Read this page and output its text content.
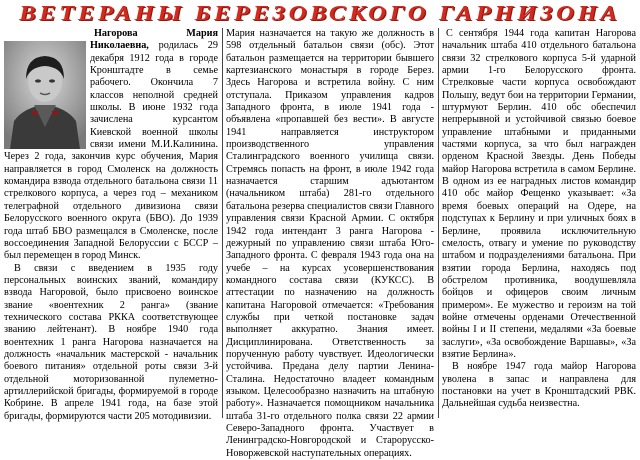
ВЕТЕРАНЫ БЕРЕЗОВСКОГО ГАРНИЗОНА

Нагорова Мария Николаевна, родилась 29 декабря 1912 года в городе Кронштадте в семье рабочего. Окончила 7 классов неполной средней школы. В июне 1932 года зачислена курсантом Киевской военной школы связи имени М.И.Калинина. Через 2 года, закончив курс обучения, Мария направляется в город Смоленск на должность командира взвода отдельного батальона связи 11 стрелкового корпуса, а через год – механиком телеграфной отдельного дивизиона связи Белорусского военного округа (БВО). До 1939 года штаб БВО размещался в Смоленске, после воссоединения Западной Белоруссии с БССР – был перемещен в город Минск.

В связи с введением в 1935 году персональных воинских званий, командиру взвода Нагоровой, было присвоено воинское звание «воентехник 2 ранга» (звание технического состава РККА соответствующее званию лейтенант). В ноябре 1940 года воентехник 1 ранга Нагорова назначается на должность «начальник мастерской - начальник боевого питания» отдельной роты связи 3-й отдельной моторизованной пулеметно-артиллерийской бригады, формируемой в городе Кобрине. В апреле 1941 года, на базе этой бригады, формируются части 205 мотодивизии.

Мария назначается на такую же должность в 598 отдельный батальон связи (обс). Этот батальон размещается на территории бывшего картезианского монастыря в городе Берез. Здесь Нагорова и встретила войну. С ним отступала. Приказом управления кадров Западного фронта, в июле 1941 года - объявлена «пропавшей без вести». В августе 1941 направляется инструктором производственного управления Сталинградского военного училища связи. Стремясь попасть на фронт, в июле 1942 года назначается старшим адъютантом (начальником штаба) 281-го отдельного батальона резерва специалистов связи Главного управления связи Красной Армии. С октября 1942 года интендант 3 ранга Нагорова - дежурный по управлению связи штаба Юго-Западного фронта. С февраля 1943 года она на учебе – на курсах усовершенствования командного состава связи (КУКСС). В аттестации по назначению на должность капитана Нагоровой отмечается: «Требования службы при четкой постановке задач выполняет аккуратно. Знания имеет. Дисциплинирована. Ответственность за порученную работу чувствует. Идеологически устойчива. Предана делу партии Ленина-Сталина. Недостаточно владеет командным языком. Целесообразно назначить на штабную работу». Назначается помощником начальника штаба 31-го отдельного полка связи 22 армии Северо-Западного фронта. Участвует в Ленинградско-Новгородской и Старорусско-Новоржевской наступательных операциях.

С сентября 1944 года капитан Нагорова начальник штаба 410 отдельного батальона связи 32 стрелкового корпуса 5-й ударной армии 1-го Белорусского фронта. Стрелковые части корпуса освобождают Польшу, ведут бои на территории Германии, штурмуют Берлин. 410 обс обеспечил непрерывной и устойчивой связью боевое управление штабными и приданными частями корпуса, за что был награжден орденом Красной Звезды. День Победы майор Нагорова встретила в самом Берлине. В одном из ее наградных листов командир 410 обс майор Фещенко указывает: «За время боевых операций на Одере, на подступах к Берлину и при уличных боях в Берлине, проявила исключительную смелость, отвагу и умение по руководству штабом и подразделениями батальона. При взятии города Берлина, находясь под обстрелом противника, воодушевляла бойцов и офицеров своим личным примером». Ее мужество и героизм на той войне отмечены орденами Отечественной войны I и II степени, медалями «За боевые заслуги», «За освобождение Варшавы», «За взятие Берлина».

В ноябре 1947 года майор Нагорова уволена в запас и направлена для постановки на учет в Кронштадский РВК. Дальнейшая судьба неизвестна.
